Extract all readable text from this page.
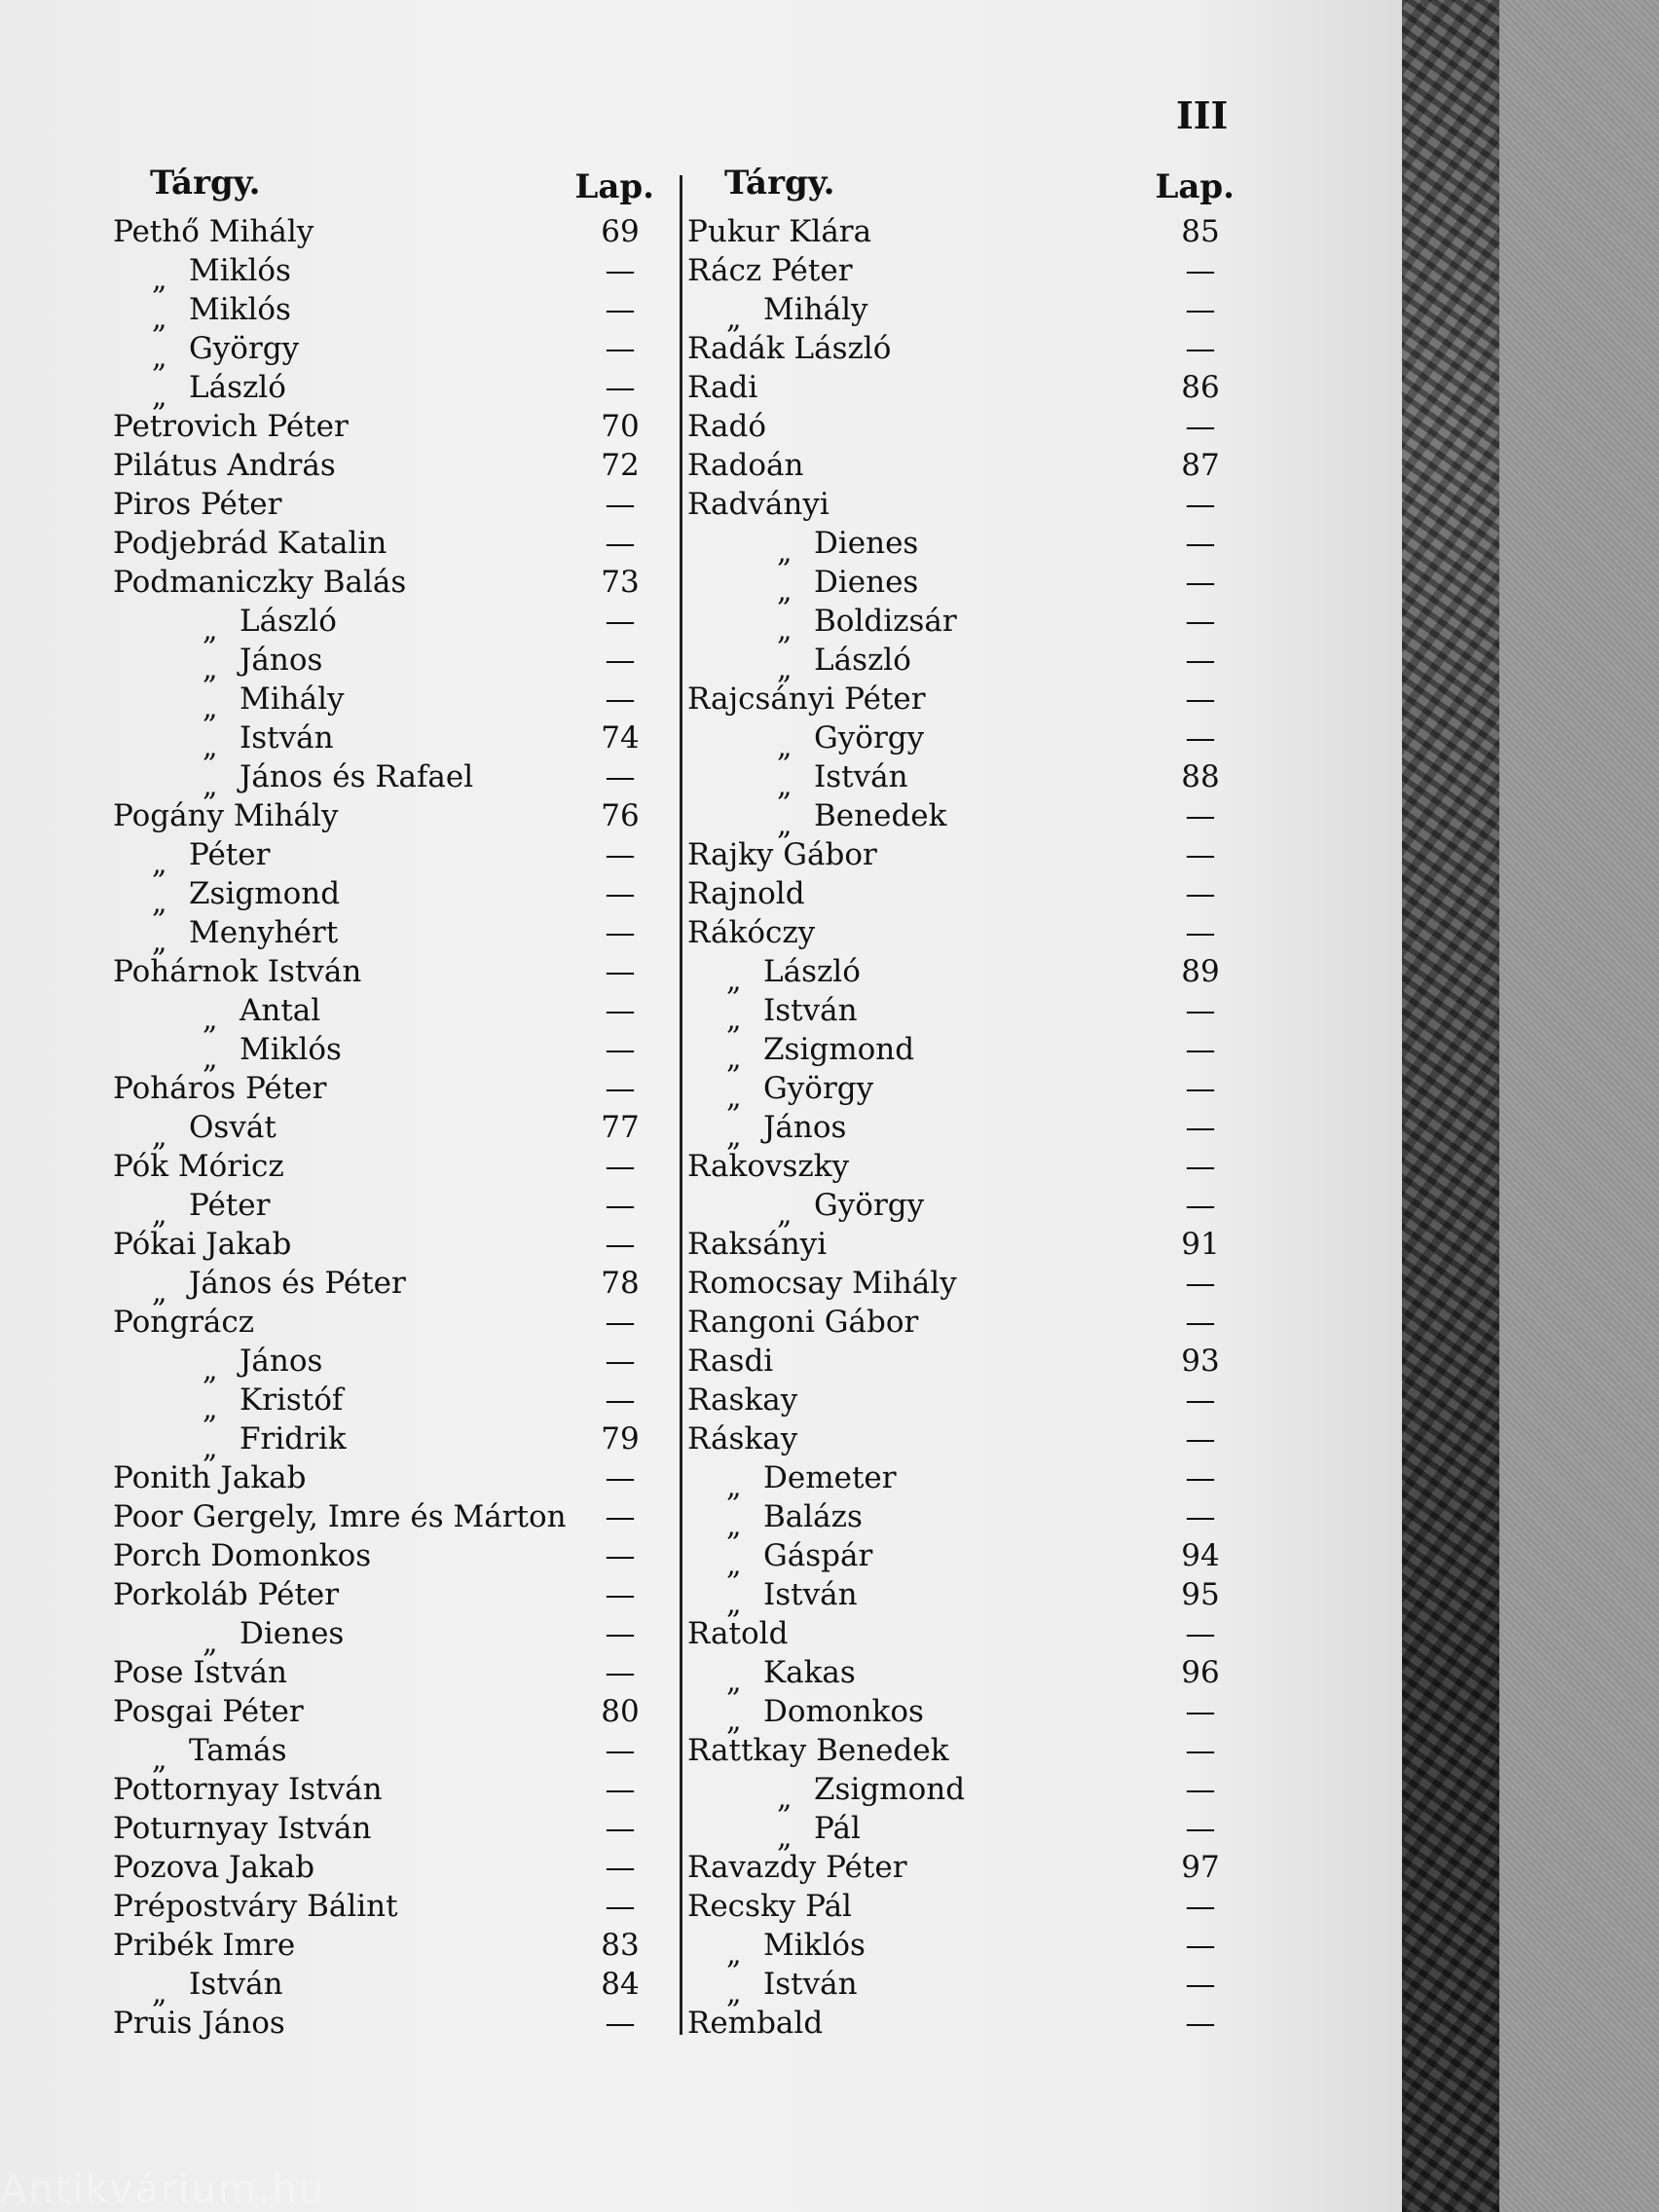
III
Tárgy.	Lap.
Pethő Mihály	69
„ Miklós	—
„ Miklós	—
„ György	—
„ László	—
Petrovich Péter	70
Pilátus András	72
Piros Péter	—
Podjebrád Katalin	—
Podmaniczky Balás	73
„ László	—
„ János	—
„ Mihály	—
„ István	74
„ János és Rafael	—
Pogány Mihály	76
„ Péter	—
„ Zsigmond	—
„ Menyhért	—
Pohárnok István	—
„ Antal	—
„ Miklós	—
Poháros Péter	—
„ Osvát	77
Pók Móricz	—
„ Péter	—
Pókai Jakab	—
„ János és Péter	78
Pongrácz	—
„ János	—
„ Kristóf	—
„ Fridrik	79
Ponith Jakab	—
Poor Gergely, Imre és Márton	—
Porch Domonkos	—
Porkoláb Péter	—
„ Dienes	—
Pose István	—
Posgai Péter	80
„ Tamás	—
Pottornyay István	—
Poturnyay István	—
Pozova Jakab	—
Prépostváry Bálint	—
Pribék Imre	83
„ István	84
Pruis János	—
Tárgy.	Lap.
Pukur Klára	85
Rácz Péter	—
„ Mihály	—
Radák László	—
Radi	86
Radó	—
Radoán	87
Radványi	—
„ Dienes	—
„ Dienes	—
„ Boldizsár	—
„ László	—
Rajcsányi Péter	—
„ György	—
„ István	88
„ Benedek	—
Rajky Gábor	—
Rajnold	—
Rákóczy	—
„ László	89
„ István	—
„ Zsigmond	—
„ György	—
„ János	—
Rakovszky	—
„ György	—
Raksányi	91
Romocsay Mihály	—
Rangoni Gábor	—
Rasdi	93
Raskay	—
Ráskay	—
„ Demeter	—
„ Balázs	—
„ Gáspár	94
„ István	95
Ratold	—
„ Kakas	96
„ Domonkos	—
Rattkay Benedek	—
„ Zsigmond	—
„ Pál	—
Ravazdy Péter	97
Recsky Pál	—
„ Miklós	—
„ István	—
Rembald	—
Antikvárium.hu
